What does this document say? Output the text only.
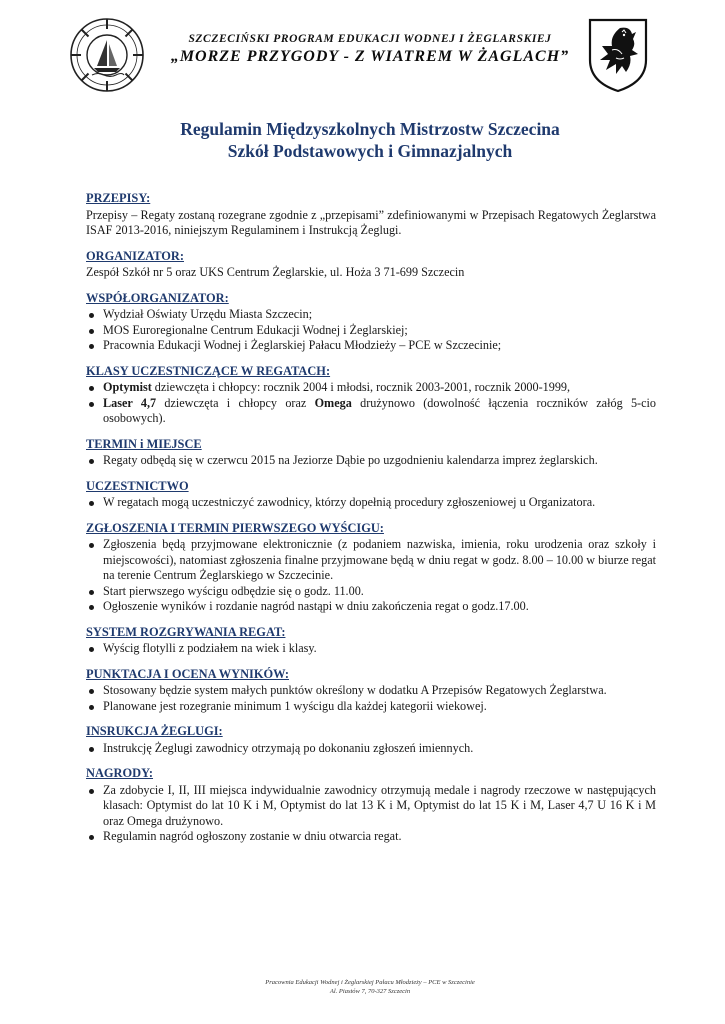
SZCZECIŃSKI PROGRAM EDUKACJI WODNEJ I ŻEGLARSKIEJ
„MORZE PRZYGODY - Z WIATREM W ŻAGLACH”
Regulamin Międzyszkolnych Mistrzostw Szczecina
Szkół Podstawowych i Gimnazjalnych
PRZEPISY:
Przepisy – Regaty zostaną rozegrane zgodnie z „przepisami” zdefiniowanymi w Przepisach Regatowych Żeglarstwa ISAF 2013-2016, niniejszym Regulaminem i Instrukcją Żeglugi.
ORGANIZATOR:
Zespół Szkół nr 5 oraz UKS Centrum Żeglarskie, ul. Hoża 3 71-699 Szczecin
WSPÓŁORGANIZATOR:
Wydział Oświaty Urzędu Miasta Szczecin;
MOS Euroregionalne Centrum Edukacji Wodnej i Żeglarskiej;
Pracownia Edukacji Wodnej i Żeglarskiej Pałacu Młodzieży – PCE w Szczecinie;
KLASY UCZESTNICZĄCE W REGATACH:
Optymist dziewczęta i chłopcy: rocznik 2004 i młodsi, rocznik 2003-2001, rocznik 2000-1999,
Laser 4,7 dziewczęta i chłopcy oraz Omega drużynowo (dowolność łączenia roczników załóg 5-cio osobowych).
TERMIN i MIEJSCE
Regaty odbędą się w czerwcu 2015 na Jeziorze Dąbie po uzgodnieniu kalendarza imprez żeglarskich.
UCZESTNICTWO
W regatach mogą uczestniczyć zawodnicy, którzy dopełnią procedury zgłoszeniowej u Organizatora.
ZGŁOSZENIA I TERMIN PIERWSZEGO WYŚCIGU:
Zgłoszenia będą przyjmowane elektronicznie (z podaniem nazwiska, imienia, roku urodzenia oraz szkoły i miejscowości), natomiast zgłoszenia finalne przyjmowane będą w dniu regat w godz. 8.00 – 10.00 w biurze regat na terenie Centrum Żeglarskiego w Szczecinie.
Start pierwszego wyścigu odbędzie się o godz. 11.00.
Ogłoszenie wyników i rozdanie nagród nastąpi w dniu zakończenia regat o godz.17.00.
SYSTEM ROZGRYWANIA REGAT:
Wyścig flotylli z podziałem na wiek i klasy.
PUNKTACJA I OCENA WYNIKÓW:
Stosowany będzie system małych punktów określony w dodatku A Przepisów Regatowych Żeglarstwa.
Planowane jest rozegranie minimum 1 wyścigu dla każdej kategorii wiekowej.
INSRUKCJA ŻEGLUGI:
Instrukcję Żeglugi zawodnicy otrzymają po dokonaniu zgłoszeń imiennych.
NAGRODY:
Za zdobycie I, II, III miejsca indywidualnie zawodnicy otrzymują medale i nagrody rzeczowe w następujących klasach: Optymist do lat 10 K i M, Optymist do lat 13 K i M, Optymist do lat 15 K i M, Laser 4,7 U 16 K i M oraz Omega drużynowo.
Regulamin nagród ogłoszony zostanie w dniu otwarcia regat.
Pracownia Edukacji Wodnej i Żeglarskiej Pałacu Młodzieży – PCE w Szczecinie
Al. Piastów 7, 70-327 Szczecin
